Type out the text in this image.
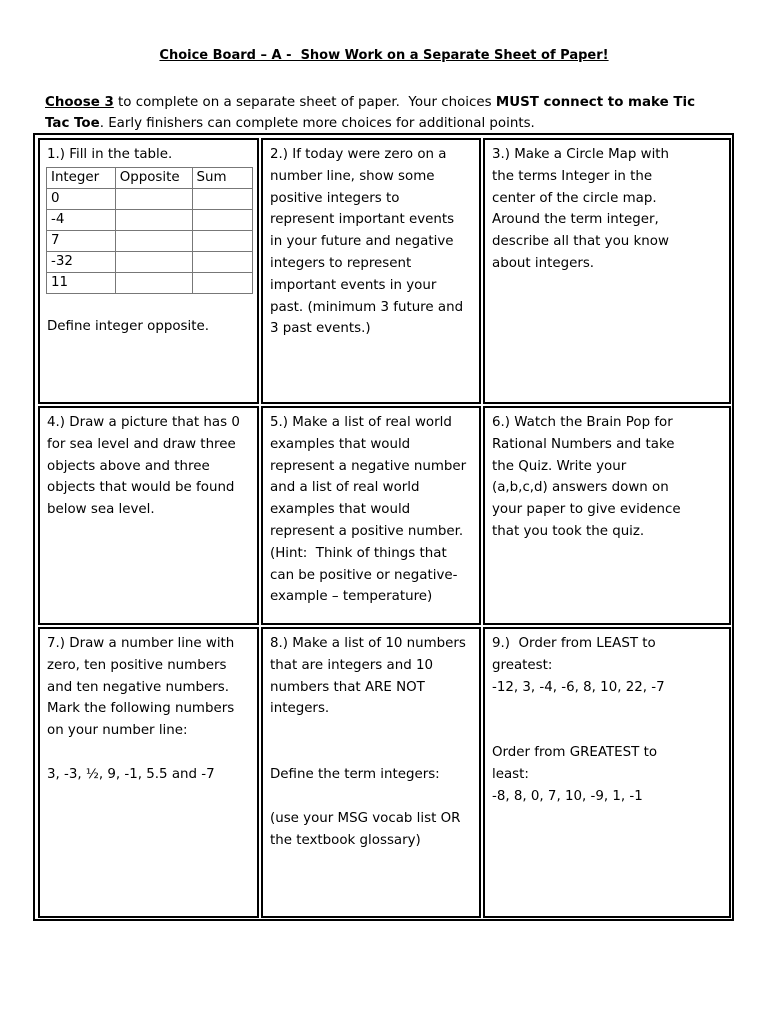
Choice Board – A -  Show Work on a Separate Sheet of Paper!
Choose 3 to complete on a separate sheet of paper.  Your choices MUST connect to make Tic
Tac Toe. Early finishers can complete more choices for additional points.

1.) Fill in the table.

Integer	Opposite	Sum
0		
-4		
7		
-32		
11		

Define integer opposite.

2.) If today were zero on a

number line, show some

positive integers to

represent important events

in your future and negative

integers to represent

important events in your

past. (minimum 3 future and

3 past events.)

3.) Make a Circle Map with

the terms Integer in the

center of the circle map.

Around the term integer,

describe all that you know

about integers.

4.) Draw a picture that has 0

for sea level and draw three

objects above and three

objects that would be found

below sea level.

5.) Make a list of real world

examples that would

represent a negative number

and a list of real world

examples that would

represent a positive number.

(Hint:  Think of things that

can be positive or negative-

example – temperature)

6.) Watch the Brain Pop for

Rational Numbers and take

the Quiz. Write your

(a,b,c,d) answers down on

your paper to give evidence

that you took the quiz.

7.) Draw a number line with

zero, ten positive numbers

and ten negative numbers.

Mark the following numbers

on your number line:

3, -3, ½, 9, -1, 5.5 and -7

8.) Make a list of 10 numbers

that are integers and 10

numbers that ARE NOT

integers.

Define the term integers:

(use your MSG vocab list OR

the textbook glossary)

9.)  Order from LEAST to

greatest:

-12, 3, -4, -6, 8, 10, 22, -7

Order from GREATEST to

least:

-8, 8, 0, 7, 10, -9, 1, -1
